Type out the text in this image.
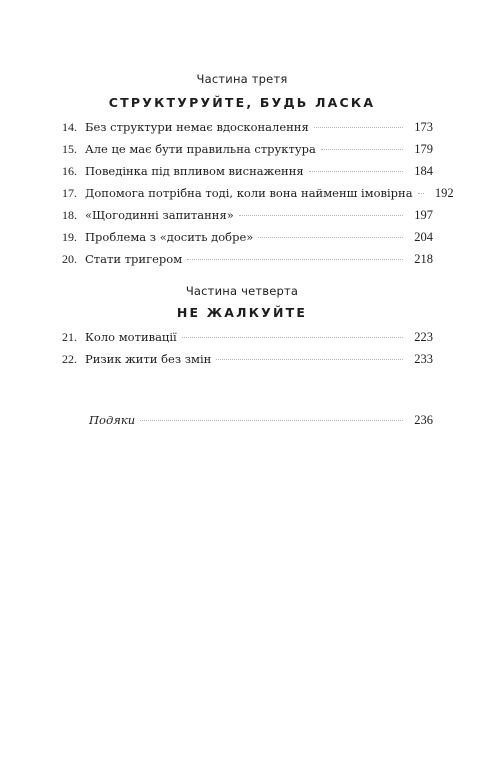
Частина третя
СТРУКТУРУЙТЕ, БУДЬ ЛАСКА
14. Без структури немає вдосконалення	173
15. Але це має бути правильна структура	179
16. Поведінка під впливом виснаження	184
17. Допомога потрібна тоді, коли вона найменш імовірна	192
18. «Щогодинні запитання»	197
19. Проблема з «досить добре»	204
20. Стати тригером	218
Частина четверта
НЕ ЖАЛКУЙТЕ
21. Коло мотивації	223
22. Ризик жити без змін	233
Подяки	236
